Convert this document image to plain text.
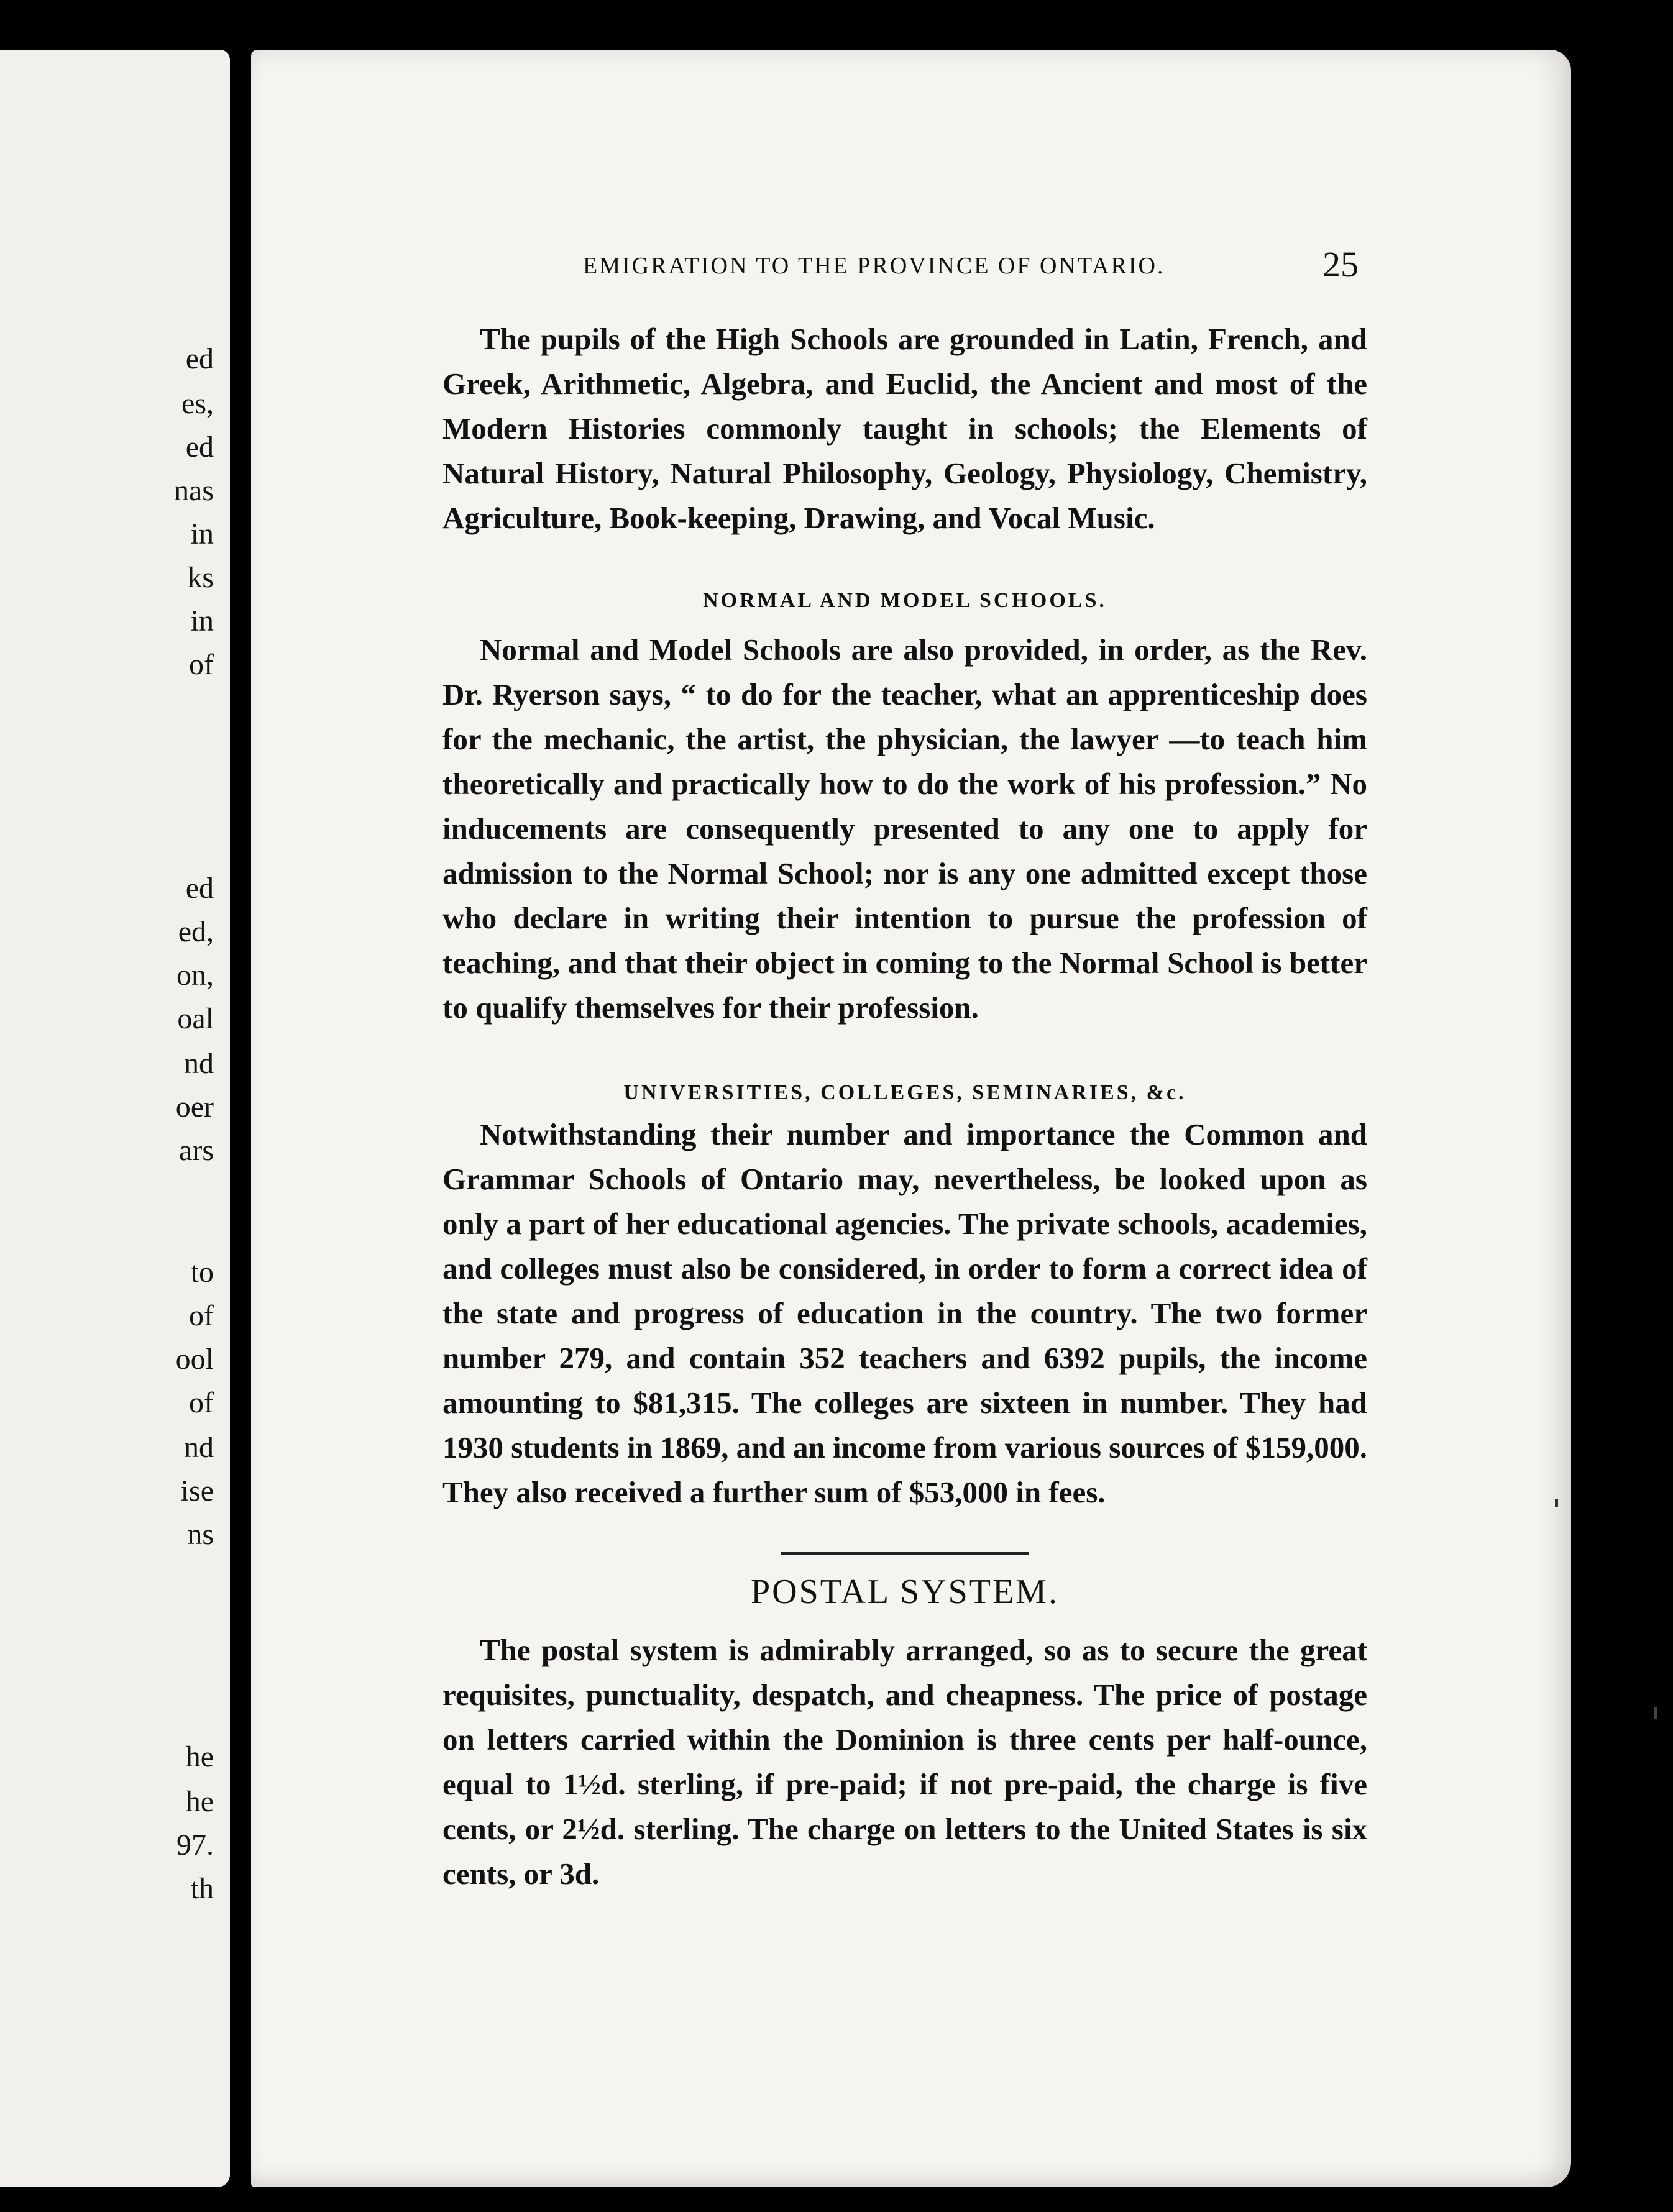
ed
es,
ed
nas
in
ks
in
of
ed
ed,
on,
oal
nd
oer
ars
to
of
ool
of
nd
ise
ns
he
he
97.
th
EMIGRATION TO THE PROVINCE OF ONTARIO.	25

The pupils of the High Schools are grounded in Latin, French, and Greek, Arithmetic, Algebra, and Euclid, the Ancient and most of the Modern Histories commonly taught in schools; the Elements of Natural History, Natural Philosophy, Geology, Physiology, Chemistry, Agriculture, Book-keeping, Drawing, and Vocal Music.

NORMAL AND MODEL SCHOOLS.

Normal and Model Schools are also provided, in order, as the Rev. Dr. Ryerson says, “ to do for the teacher, what an apprenticeship does for the mechanic, the artist, the physician, the lawyer —to teach him theoretically and practically how to do the work of his profession.” No inducements are consequently presented to any one to apply for admission to the Normal School; nor is any one admitted except those who declare in writing their intention to pursue the profession of teaching, and that their object in coming to the Normal School is better to qualify themselves for their profession.

UNIVERSITIES, COLLEGES, SEMINARIES, &c.

Notwithstanding their number and importance the Common and Grammar Schools of Ontario may, nevertheless, be looked upon as only a part of her educational agencies. The private schools, academies, and colleges must also be considered, in order to form a correct idea of the state and progress of education in the country. The two former number 279, and contain 352 teachers and 6392 pupils, the income amounting to $81,315. The colleges are sixteen in number. They had 1930 students in 1869, and an income from various sources of $159,000. They also received a further sum of $53,000 in fees.

POSTAL SYSTEM.

The postal system is admirably arranged, so as to secure the great requisites, punctuality, despatch, and cheapness. The price of postage on letters carried within the Dominion is three cents per half-ounce, equal to 1½d. sterling, if pre-paid; if not pre-paid, the charge is five cents, or 2½d. sterling. The charge on letters to the United States is six cents, or 3d.
